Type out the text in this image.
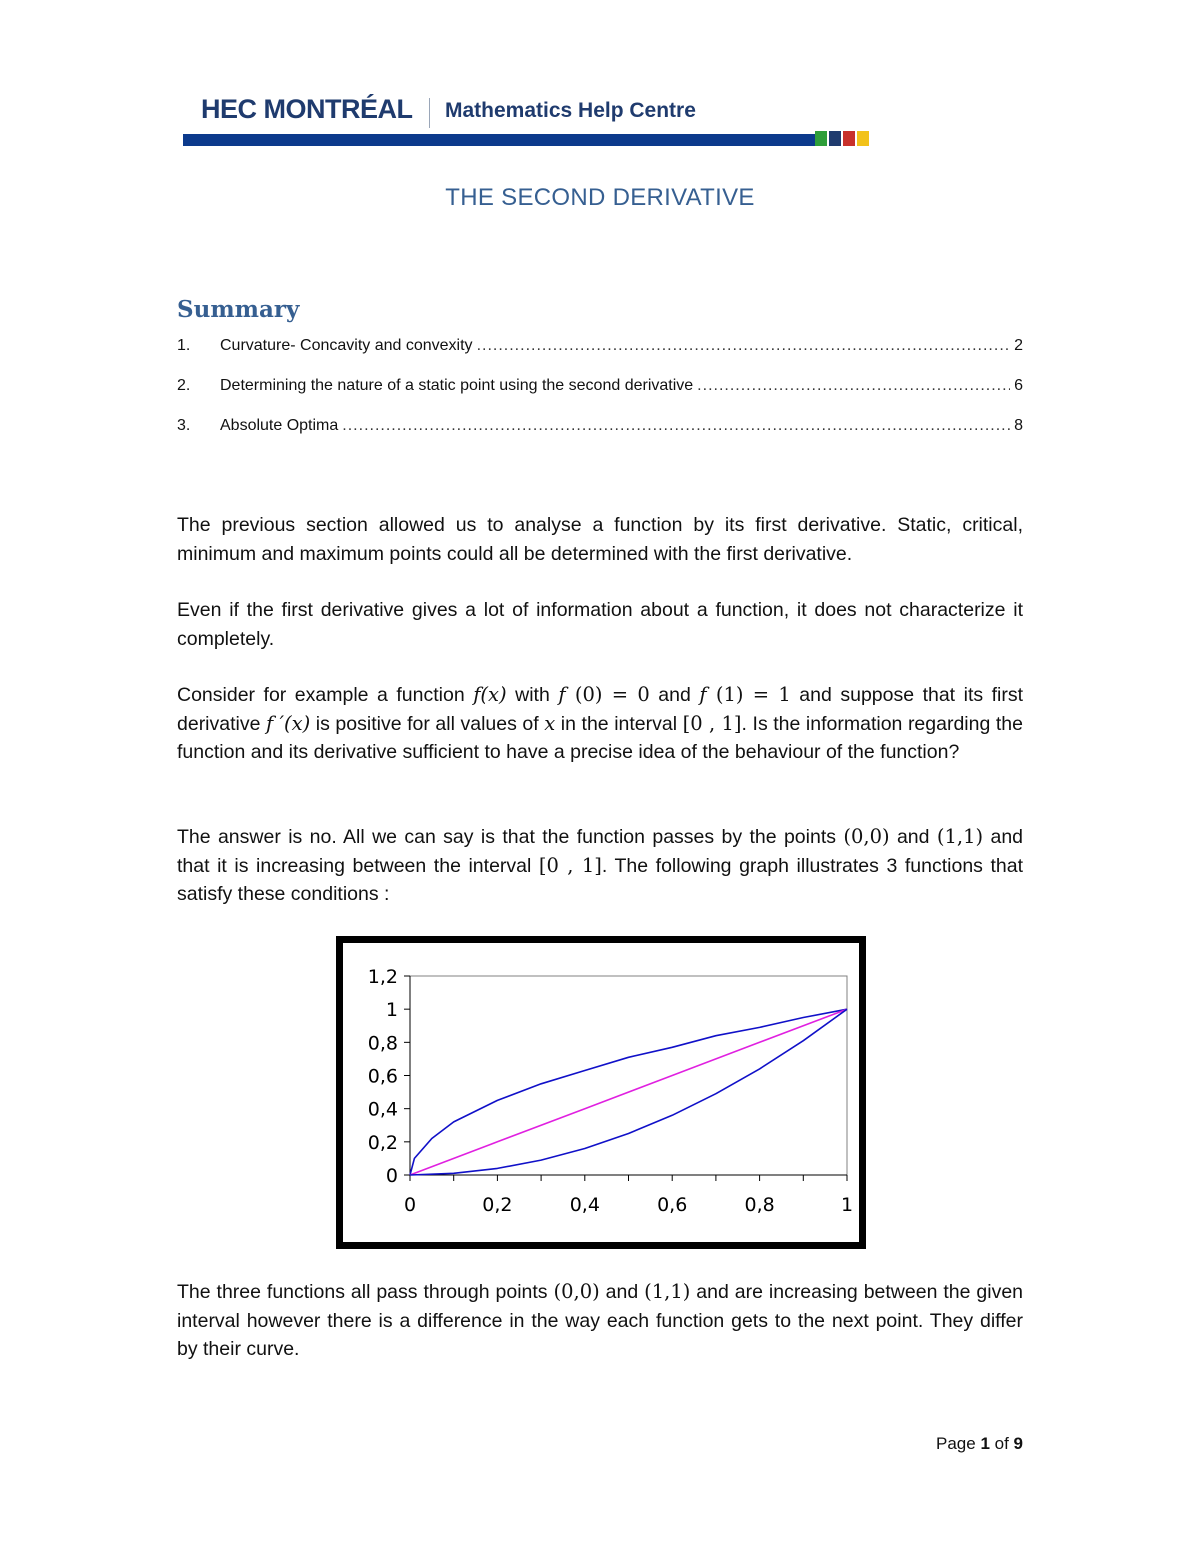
HEC MONTRÉAL Mathematics Help Centre
THE SECOND DERIVATIVE
Summary
1.	Curvature- Concavity and convexity .....	2
2.	Determining the nature of a static point using the second derivative .....	6
3.	Absolute Optima .....	8

The previous section allowed us to analyse a function by its first derivative. Static, critical, minimum and maximum points could all be determined with the first derivative.

Even if the first derivative gives a lot of information about a function, it does not characterize it completely.

Consider for example a function f(x) with f (0) = 0 and f (1) = 1 and suppose that its first derivative f ′(x) is positive for all values of x in the interval [0 , 1]. Is the information regarding the function and its derivative sufficient to have a precise idea of the behaviour of the function?

The answer is no. All we can say is that the function passes by the points (0,0) and (1,1) and that it is increasing between the interval [0 , 1]. The following graph illustrates 3 functions that satisfy these conditions :

0
0,2
0,4
0,6
0,8
1
1,2
0	0,2	0,4	0,6	0,8	1

The three functions all pass through points (0,0) and (1,1) and are increasing between the given interval however there is a difference in the way each function gets to the next point. They differ by their curve.

Page 1 of 9
